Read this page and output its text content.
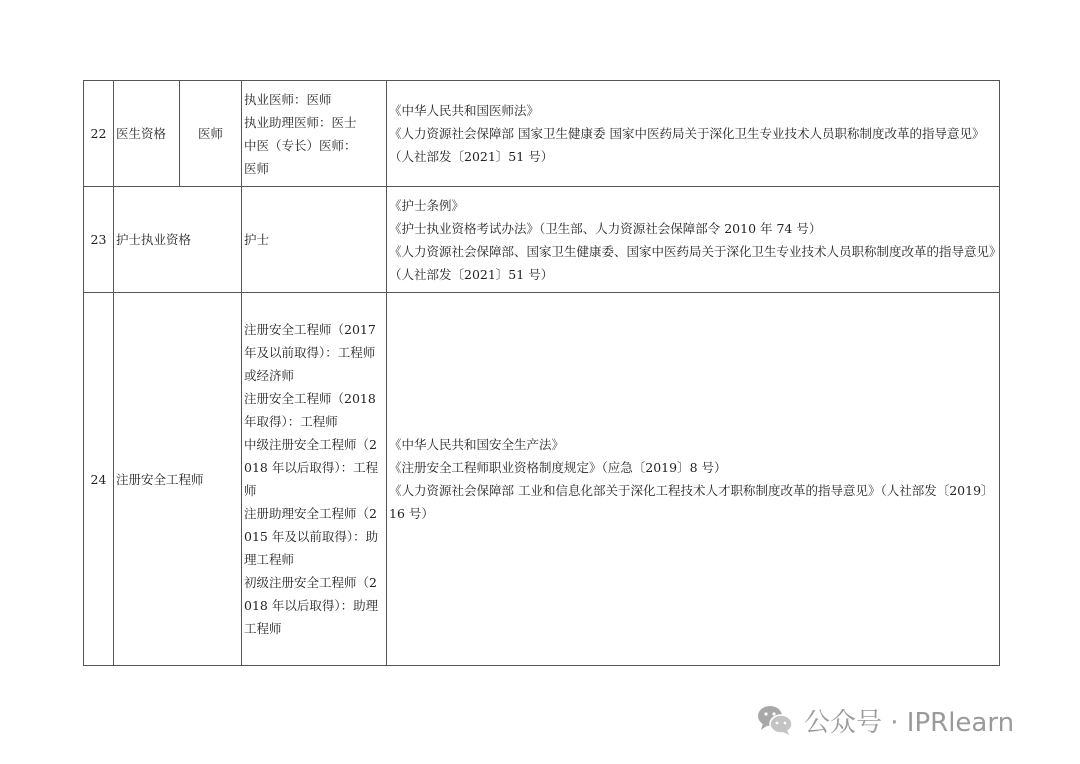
22	医生资格	医师	执业医师：医师
执业助理医师：医士
中医（专长）医师：
医师	《中华人民共和国医师法》
《人力资源社会保障部 国家卫生健康委 国家中医药局关于深化卫生专业技术人员职称制度改革的指导意见》（人社部发〔2021〕51 号）

23	护士执业资格		护士	《护士条例》
《护士执业资格考试办法》（卫生部、人力资源社会保障部令 2010 年 74 号）
《人力资源社会保障部、国家卫生健康委、国家中医药局关于深化卫生专业技术人员职称制度改革的指导意见》（人社部发〔2021〕51 号）

24	注册安全工程师		注册安全工程师（2017 年及以前取得）：工程师或经济师
注册安全工程师（2018 年取得）：工程师
中级注册安全工程师（2018 年以后取得）：工程师
注册助理安全工程师（2015 年及以前取得）：助理工程师
初级注册安全工程师（2018 年以后取得）：助理工程师	《中华人民共和国安全生产法》
《注册安全工程师职业资格制度规定》（应急〔2019〕8 号）
《人力资源社会保障部 工业和信息化部关于深化工程技术人才职称制度改革的指导意见》（人社部发〔2019〕16 号）
公众号 · IPRlearn
